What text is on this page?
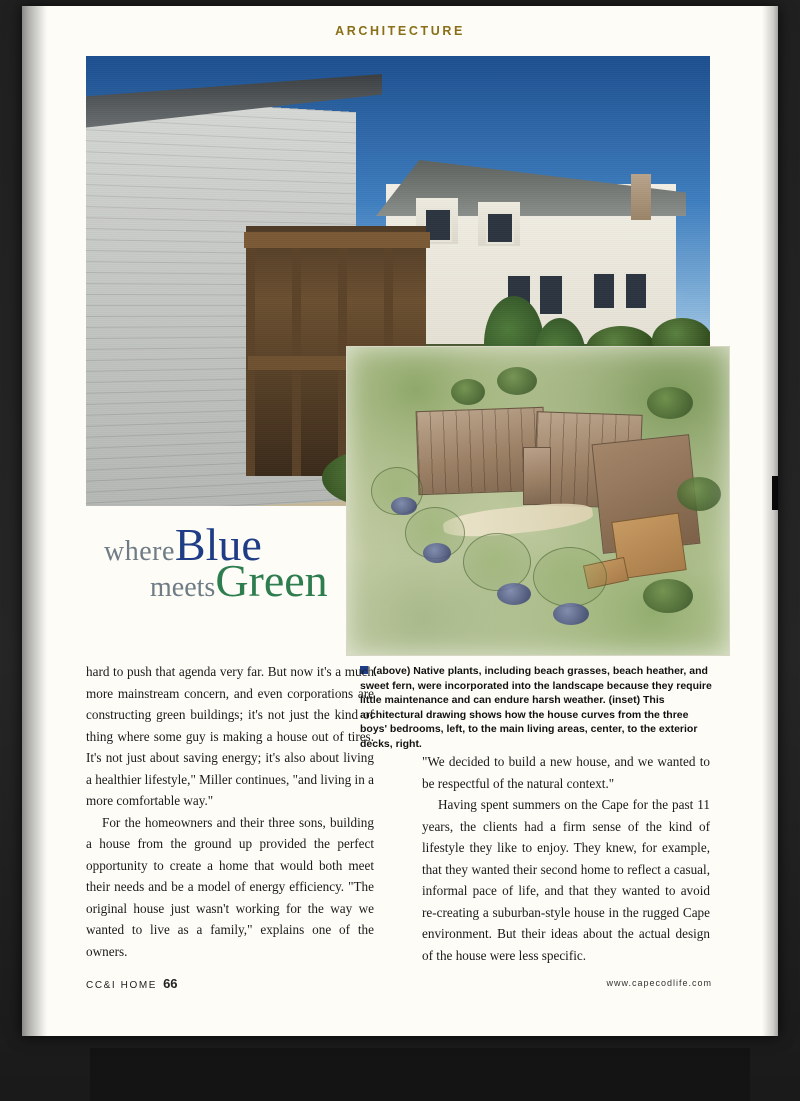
ARCHITECTURE
whereBlue
meetsGreen
(above) Native plants, including beach grasses, beach heather, and sweet fern, were incorporated into the landscape because they require little maintenance and can endure harsh weather. (inset) This architectural drawing shows how the house curves from the three boys' bedrooms, left, to the main living areas, center, to the exterior decks, right.

hard to push that agenda very far. But now it's a much more mainstream concern, and even corporations are constructing green buildings; it's not just the kind of thing where some guy is making a house out of tires. It's not just about saving energy; it's also about living a healthier lifestyle," Miller continues, "and living in a more comfortable way."

For the homeowners and their three sons, building a house from the ground up provided the perfect opportunity to create a home that would both meet their needs and be a model of energy efficiency. "The original house just wasn't working for the way we wanted to live as a family," explains one of the owners.

"We decided to build a new house, and we wanted to be respectful of the natural context."

Having spent summers on the Cape for the past 11 years, the clients had a firm sense of the kind of lifestyle they like to enjoy. They knew, for example, that they wanted their second home to reflect a casual, informal pace of life, and that they wanted to avoid re-creating a suburban-style house in the rugged Cape environment. But their ideas about the actual design of the house were less specific.

CC&I HOME 66	www.capecodlife.com
